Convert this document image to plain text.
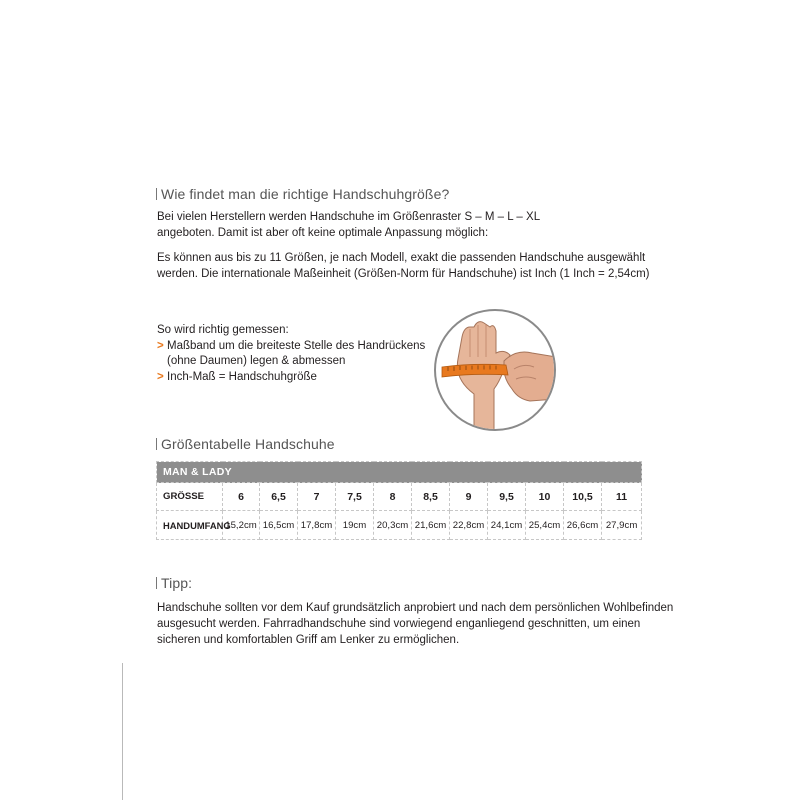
Wie findet man die richtige Handschuhgröße?

Bei vielen Herstellern werden Handschuhe im Größenraster S – M – L – XL
angeboten. Damit ist aber oft keine optimale Anpassung möglich:

Es können aus bis zu 11 Größen, je nach Modell, exakt die passenden Handschuhe ausgewählt
werden. Die internationale Maßeinheit (Größen-Norm für Handschuhe) ist Inch (1 Inch = 2,54cm)

So wird richtig gemessen:
> Maßband um die breiteste Stelle des Handrückens
(ohne Daumen) legen & abmessen
> Inch-Maß = Handschuhgröße
Größentabelle Handschuhe
MAN & LADY											
GRÖSSE	6	6,5	7	7,5	8	8,5	9	9,5	10	10,5	11
HANDUMFANG	15,2cm	16,5cm	17,8cm	19cm	20,3cm	21,6cm	22,8cm	24,1cm	25,4cm	26,6cm	27,9cm
Tipp:

Handschuhe sollten vor dem Kauf grundsätzlich anprobiert und nach dem persönlichen Wohlbefinden
ausgesucht werden. Fahrradhandschuhe sind vorwiegend enganliegend geschnitten, um einen
sicheren und komfortablen Griff am Lenker zu ermöglichen.
